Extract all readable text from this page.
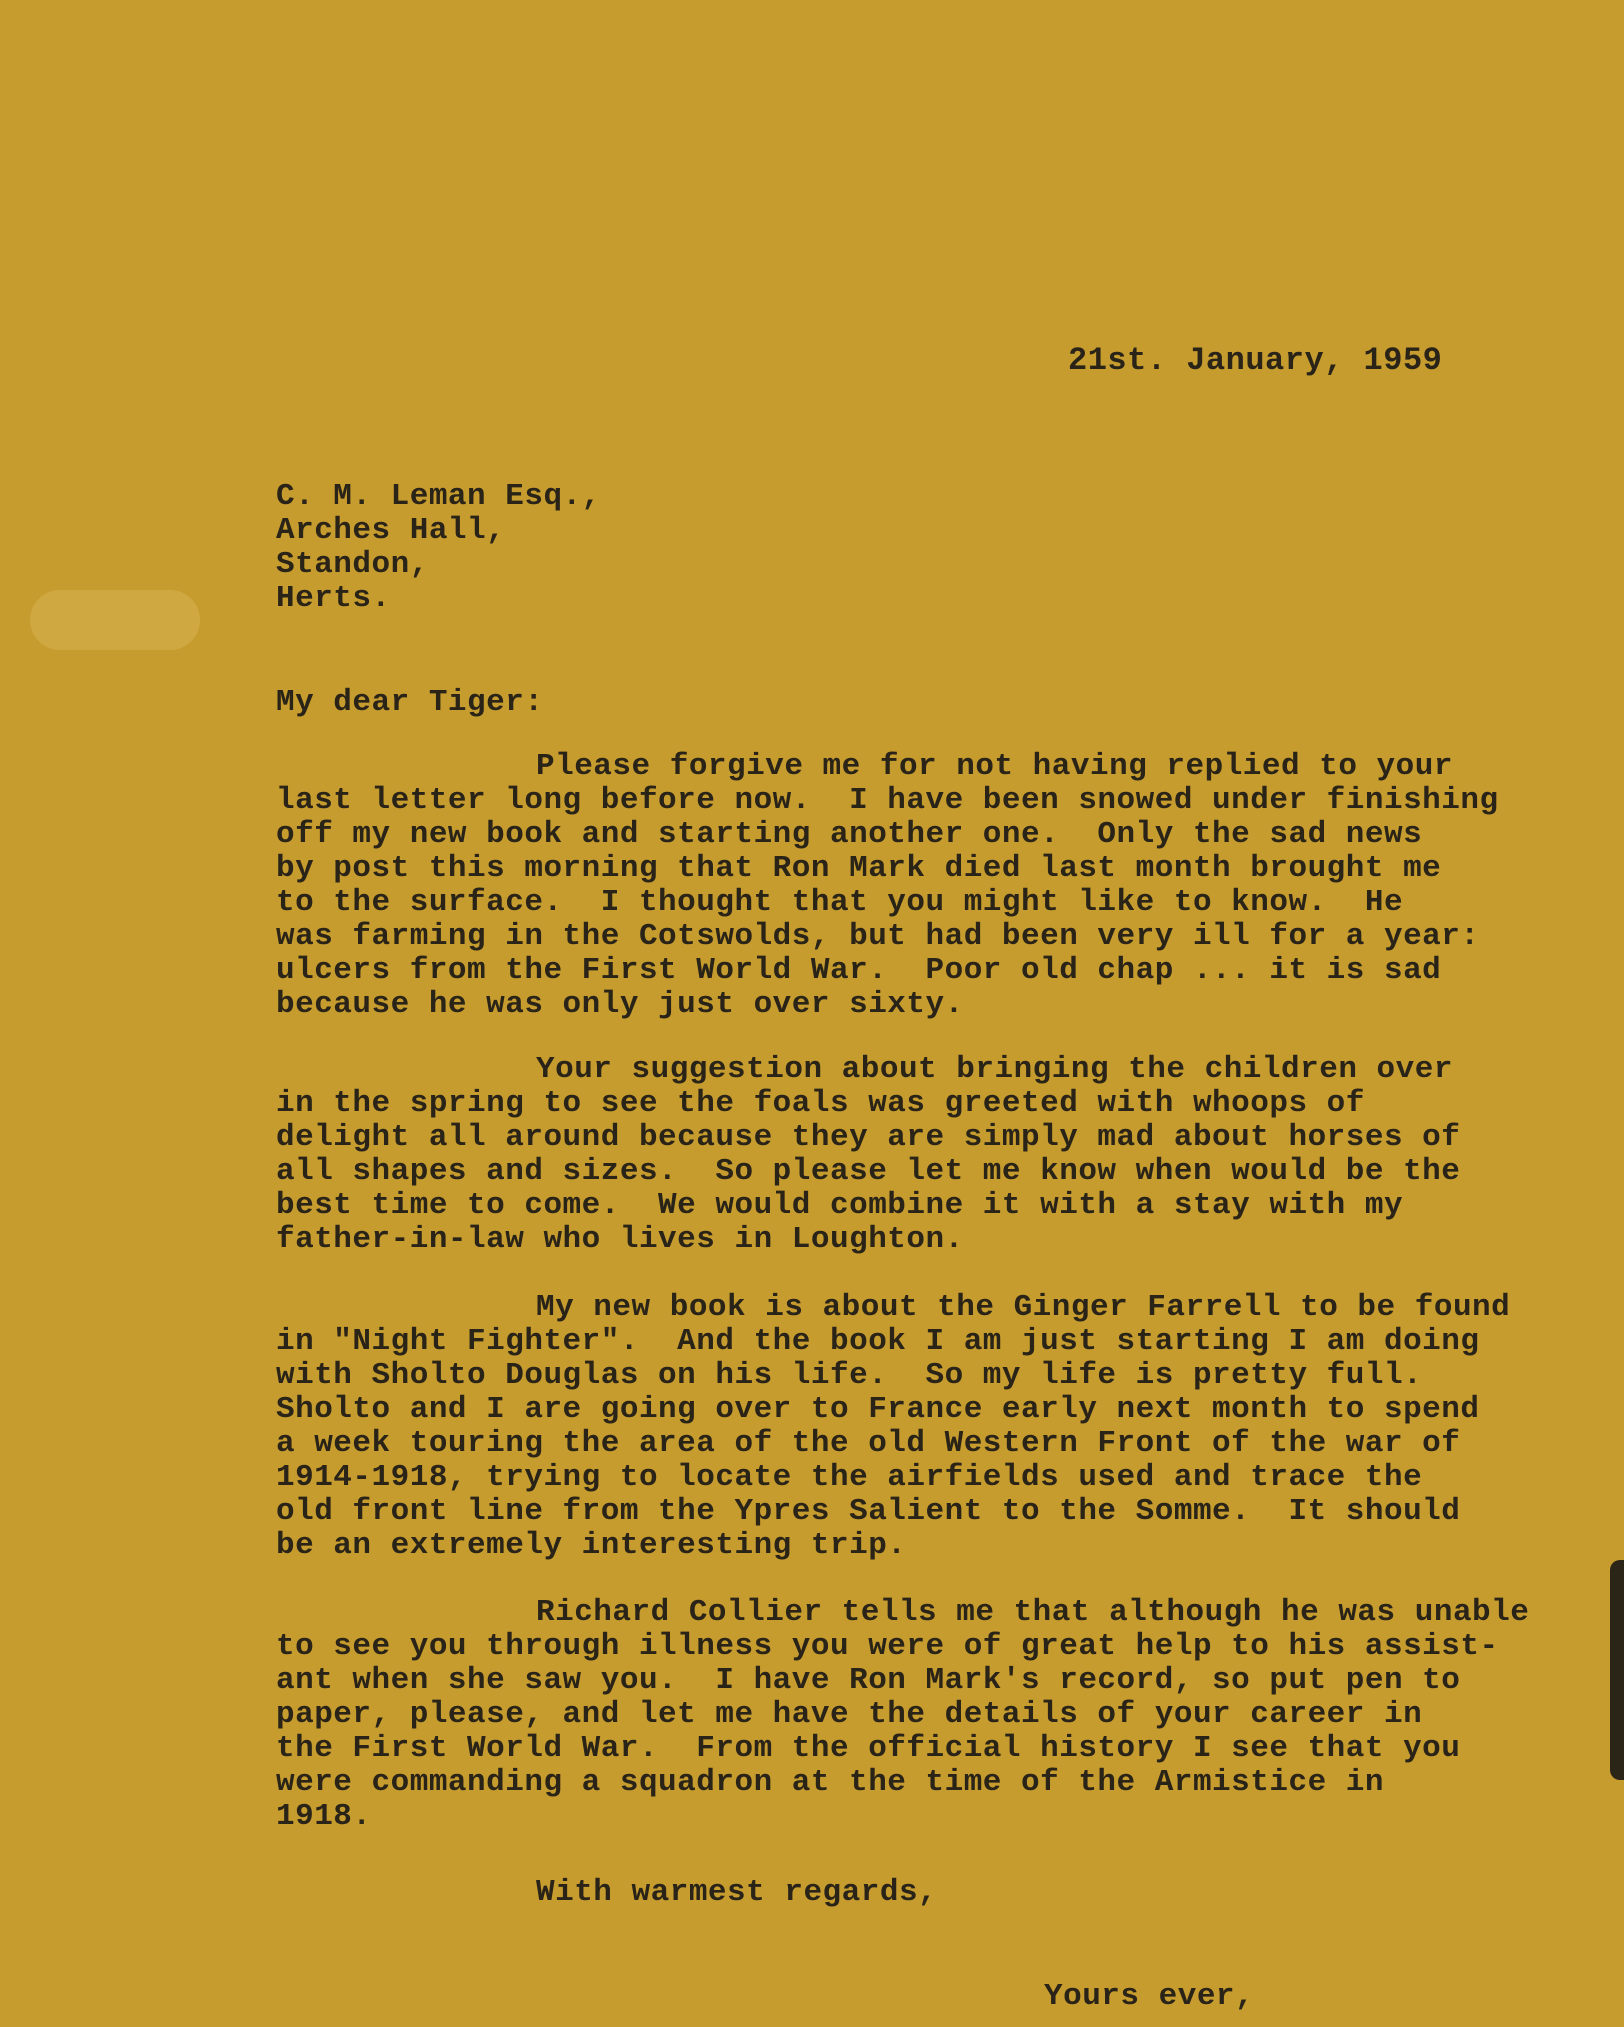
21st. January, 1959
C. M. Leman Esq.,
Arches Hall,
Standon,
Herts.
My dear Tiger:
Please forgive me for not having replied to your
last letter long before now.  I have been snowed under finishing
off my new book and starting another one.  Only the sad news
by post this morning that Ron Mark died last month brought me
to the surface.  I thought that you might like to know.  He
was farming in the Cotswolds, but had been very ill for a year:
ulcers from the First World War.  Poor old chap ... it is sad
because he was only just over sixty.
Your suggestion about bringing the children over
in the spring to see the foals was greeted with whoops of
delight all around because they are simply mad about horses of
all shapes and sizes.  So please let me know when would be the
best time to come.  We would combine it with a stay with my
father-in-law who lives in Loughton.
My new book is about the Ginger Farrell to be found
in "Night Fighter".  And the book I am just starting I am doing
with Sholto Douglas on his life.  So my life is pretty full.
Sholto and I are going over to France early next month to spend
a week touring the area of the old Western Front of the war of
1914-1918, trying to locate the airfields used and trace the
old front line from the Ypres Salient to the Somme.  It should
be an extremely interesting trip.
Richard Collier tells me that although he was unable
to see you through illness you were of great help to his assist-
ant when she saw you.  I have Ron Mark's record, so put pen to
paper, please, and let me have the details of your career in
the First World War.  From the official history I see that you
were commanding a squadron at the time of the Armistice in
1918.
With warmest regards,
Yours ever,
